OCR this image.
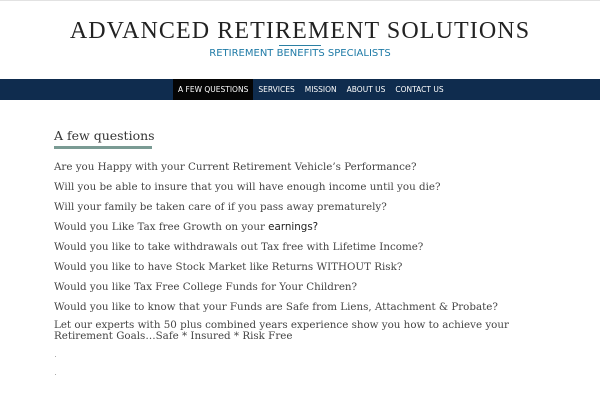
ADVANCED RETIREMENT SOLUTIONS
RETIREMENT BENEFITS SPECIALISTS
A FEW QUESTIONS	SERVICES	MISSION	ABOUT US	CONTACT US
A few questions
Are you Happy with your Current Retirement Vehicle’s Performance?
Will you be able to insure that you will have enough income until you die?
Will your family be taken care of if you pass away prematurely?
Would you Like Tax free Growth on your earnings?
Would you like to take withdrawals out Tax free with Lifetime Income?
Would you like to have Stock Market like Returns WITHOUT Risk?
Would you like Tax Free College Funds for Your Children?
Would you like to know that your Funds are Safe from Liens, Attachment & Probate?

Let our experts with 50 plus combined years experience show you how to achieve your Retirement Goals…Safe * Insured * Risk Free
